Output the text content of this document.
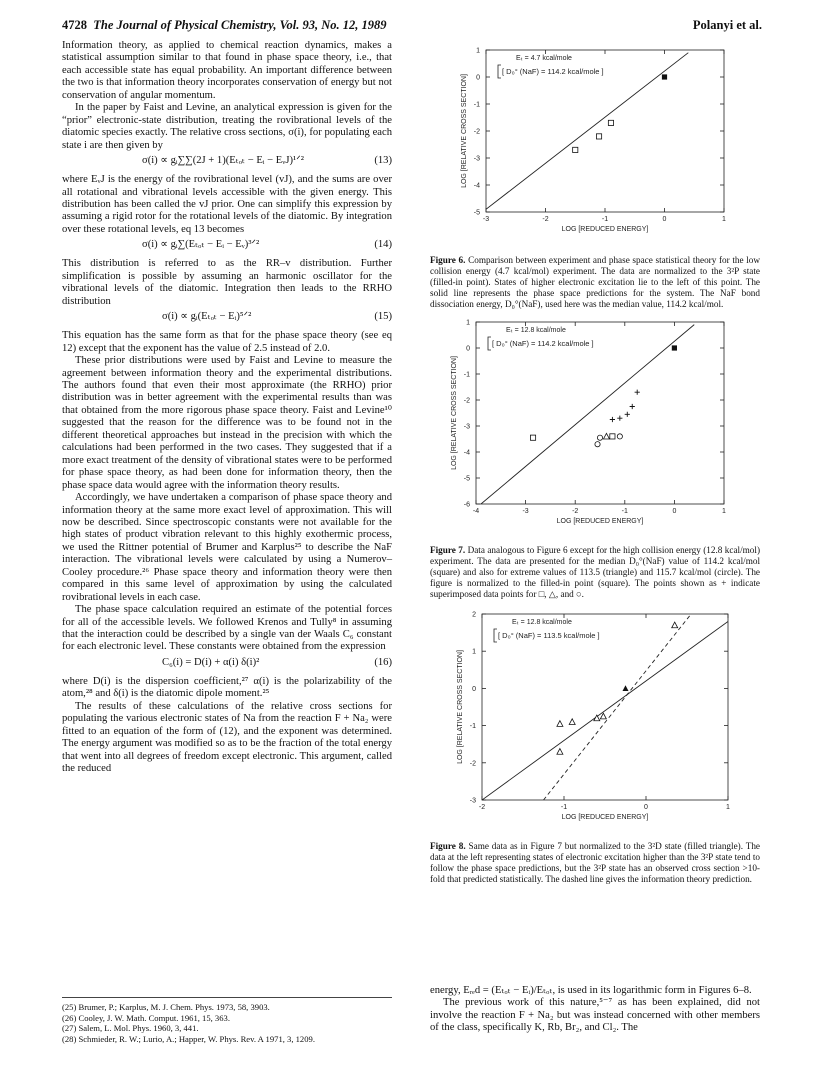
4728 The Journal of Physical Chemistry, Vol. 93, No. 12, 1989	Polanyi et al.

Information theory, as applied to chemical reaction dynamics, makes a statistical assumption similar to that found in phase space theory, i.e., that each accessible state has equal probability. An important difference between the two is that information theory incorporates conservation of energy but not conservation of angular momentum.

In the paper by Faist and Levine, an analytical expression is given for the “prior” electronic-state distribution, treating the rovibrational levels of the diatomic species exactly. The relative cross sections, σ(i), for populating each state i are then given by

σ(i) ∝ gᵢ∑∑(2J + 1)(Eₜₒₜ − Eᵢ − EᵥJ)¹ᐟ²	(13)

where EᵥJ is the energy of the rovibrational level (vJ), and the sums are over all rotational and vibrational levels accessible with the given energy. This distribution has been called the vJ prior. One can simplify this expression by assuming a rigid rotor for the rotational levels of the diatomic. By integration over these rotational levels, eq 13 becomes

σ(i) ∝ gᵢ∑(Eₜₒₜ − Eᵢ − Eᵥ)³ᐟ²	(14)

This distribution is referred to as the RR–v distribution. Further simplification is possible by assuming an harmonic oscillator for the vibrational levels of the diatomic. Integration then leads to the RRHO distribution

σ(i) ∝ gᵢ(Eₜₒₜ − Eᵢ)⁵ᐟ²	(15)

This equation has the same form as that for the phase space theory (see eq 12) except that the exponent has the value of 2.5 instead of 2.0.

These prior distributions were used by Faist and Levine to measure the agreement between information theory and the experimental distributions. The authors found that even their most approximate (the RRHO) prior distribution was in better agreement with the experimental results than was that obtained from the more rigorous phase space theory. Faist and Levine¹⁰ suggested that the reason for the difference was to be found not in the different theoretical approaches but instead in the precision with which the calculations had been performed in the two cases. They suggested that if a more exact treatment of the density of vibrational states were to be performed for phase space theory, as had been done for information theory, then the phase space data would agree with the information theory results.

Accordingly, we have undertaken a comparison of phase space theory and information theory at the same more exact level of approximation. This will now be described. Since spectroscopic constants were not available for the high states of product vibration relevant to this highly exothermic process, we used the Rittner potential of Brumer and Karplus²⁵ to describe the NaF interaction. The vibrational levels were calculated by using a Numerov–Cooley procedure.²⁶ Phase space theory and information theory were then compared in this same level of approximation by using the calculated rovibrational levels in each case.

The phase space calculation required an estimate of the potential forces for all of the accessible levels. We followed Krenos and Tully⁸ in assuming that the interaction could be described by a single van der Waals C₆ constant for each electronic level. These constants were obtained from the expression

C₆(i) = D(i) + α(i) δ(i)²	(16)

where D(i) is the dispersion coefficient,²⁷ α(i) is the polarizability of the atom,²⁸ and δ(i) is the diatomic dipole moment.²⁵

The results of these calculations of the relative cross sections for populating the various electronic states of Na from the reaction F + Na₂ were fitted to an equation of the form of (12), and the exponent was determined. The energy argument was modified so as to be the fraction of the total energy that went into all degrees of freedom except electronic. This argument, called the reduced

(25) Brumer, P.; Karplus, M. J. Chem. Phys. 1973, 58, 3903.
(26) Cooley, J. W. Math. Comput. 1961, 15, 363.
(27) Salem, L. Mol. Phys. 1960, 3, 441.
(28) Schmieder, R. W.; Lurio, A.; Happer, W. Phys. Rev. A 1971, 3, 1209.
-3	-2	-1	0	1
1
0
-1
-2
-3
-4
-5
LOG [REDUCED ENERGY]
LOG [RELATIVE CROSS SECTION]
Eₜ = 4.7 kcal/mole
[ D₀° (NaF) = 114.2 kcal/mole ]
Figure 6. Comparison between experiment and phase space statistical theory for the low collision energy (4.7 kcal/mol) experiment. The data are normalized to the 3²P state (filled-in point). States of higher electronic excitation lie to the left of this point. The solid line represents the phase space predictions for the system. The NaF bond dissociation energy, D₀°(NaF), used here was the median value, 114.2 kcal/mol.
-4	-3	-2	-1	0	1
1
0
-1
-2
-3
-4
-5
-6
LOG [REDUCED ENERGY]
LOG [RELATIVE CROSS SECTION]
Eₜ = 12.8 kcal/mole
[ D₀° (NaF) = 114.2 kcal/mole ]
Figure 7. Data analogous to Figure 6 except for the high collision energy (12.8 kcal/mol) experiment. The data are presented for the median D₀°(NaF) value of 114.2 kcal/mol (square) and also for extreme values of 113.5 (triangle) and 115.7 kcal/mol (circle). The figure is normalized to the filled-in point (square). The points shown as + indicate superimposed data points for □, △, and ○.
-2	-1	0	1
2
1
0
-1
-2
-3
LOG [REDUCED ENERGY]
LOG [RELATIVE CROSS SECTION]
Eₜ = 12.8 kcal/mole
[ D₀° (NaF) = 113.5 kcal/mole ]
Figure 8. Same data as in Figure 7 but normalized to the 3²D state (filled triangle). The data at the left representing states of electronic excitation higher than the 3²P state tend to follow the phase space predictions, but the 3²P state has an observed cross section >10-fold that predicted statistically. The dashed line gives the information theory prediction.

energy, Eᵣₑd = (Eₜₒₜ − Eᵢ)/Eₜₒₜ, is used in its logarithmic form in Figures 6–8.

The previous work of this nature,⁵⁻⁷ as has been explained, did not involve the reaction F + Na₂ but was instead concerned with other members of the class, specifically K, Rb, Br₂, and Cl₂. The
